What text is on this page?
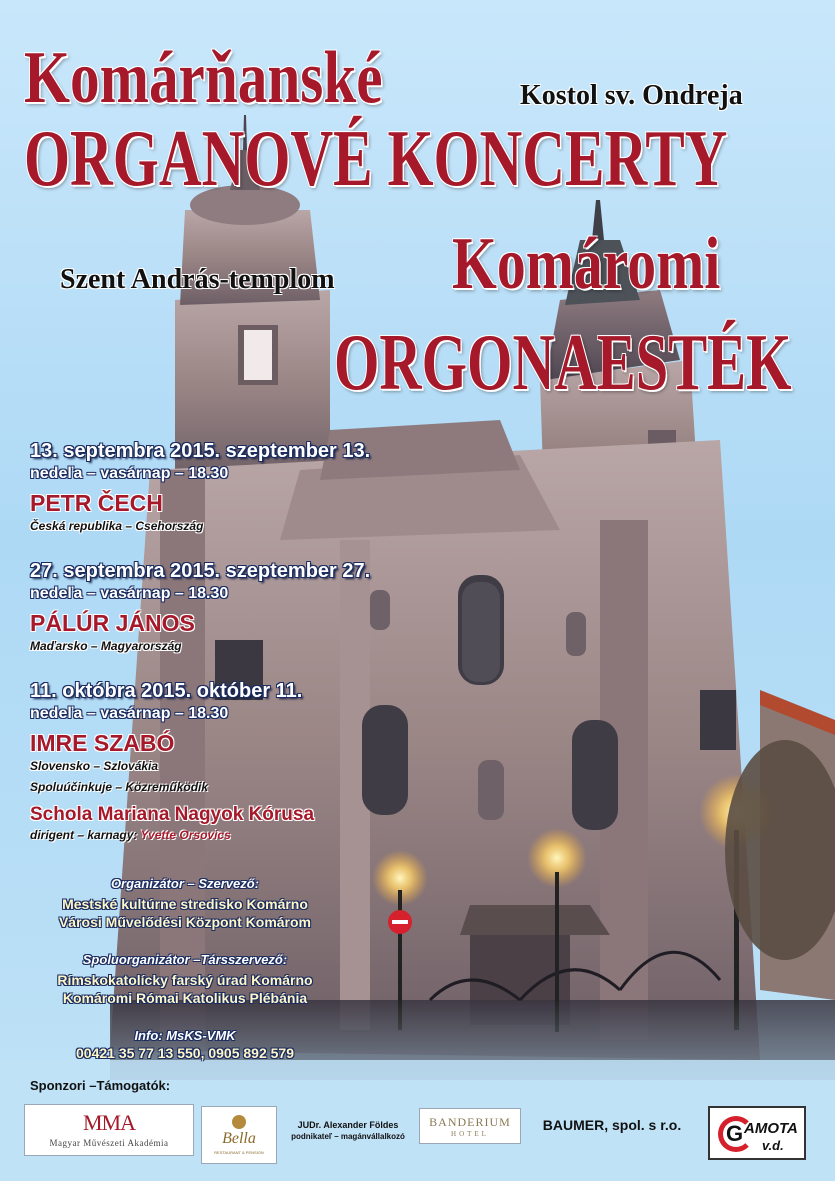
Komárňanské	Kostol sv. Ondreja
ORGANOVÉ KONCERTY
Szent András-templom Komáromi
ORGONAESTÉK
13. septembra 2015. szeptember 13.
nedeľa – vasárnap – 18.30
PETR ČECH
Česká republika – Csehország
27. septembra 2015. szeptember 27.
nedeľa – vasárnap – 18.30
PÁLÚR JÁNOS
Maďarsko – Magyarország
11. októbra 2015. október 11.
nedeľa – vasárnap – 18.30
IMRE SZABÓ
Slovensko – Szlovákia
Spoluúčinkuje – Közreműködik
Schola Mariana Nagyok Kórusa
dirigent – karnagy: Yvette Orsovics
Organizátor – Szervező:
Mestské kultúrne stredisko Komárno
Városi Művelődési Központ Komárom
Spoluorganizátor –Társszervező:
Rímskokatolícky farský úrad Komárno
Komáromi Római Katolikus Plébánia
Info: MsKS-VMK
00421 35 77 13 550, 0905 892 579
Sponzori –Támogatók:
MMA
Magyar Művészeti Akadémia	Bella
RESTAURANT & PENSION
JUDr. Alexander Földes
podnikateľ – magánvállalkozó
BANDERIUM
HOTEL
BAUMER, spol. s r.o. G AMOTA
v.d.
